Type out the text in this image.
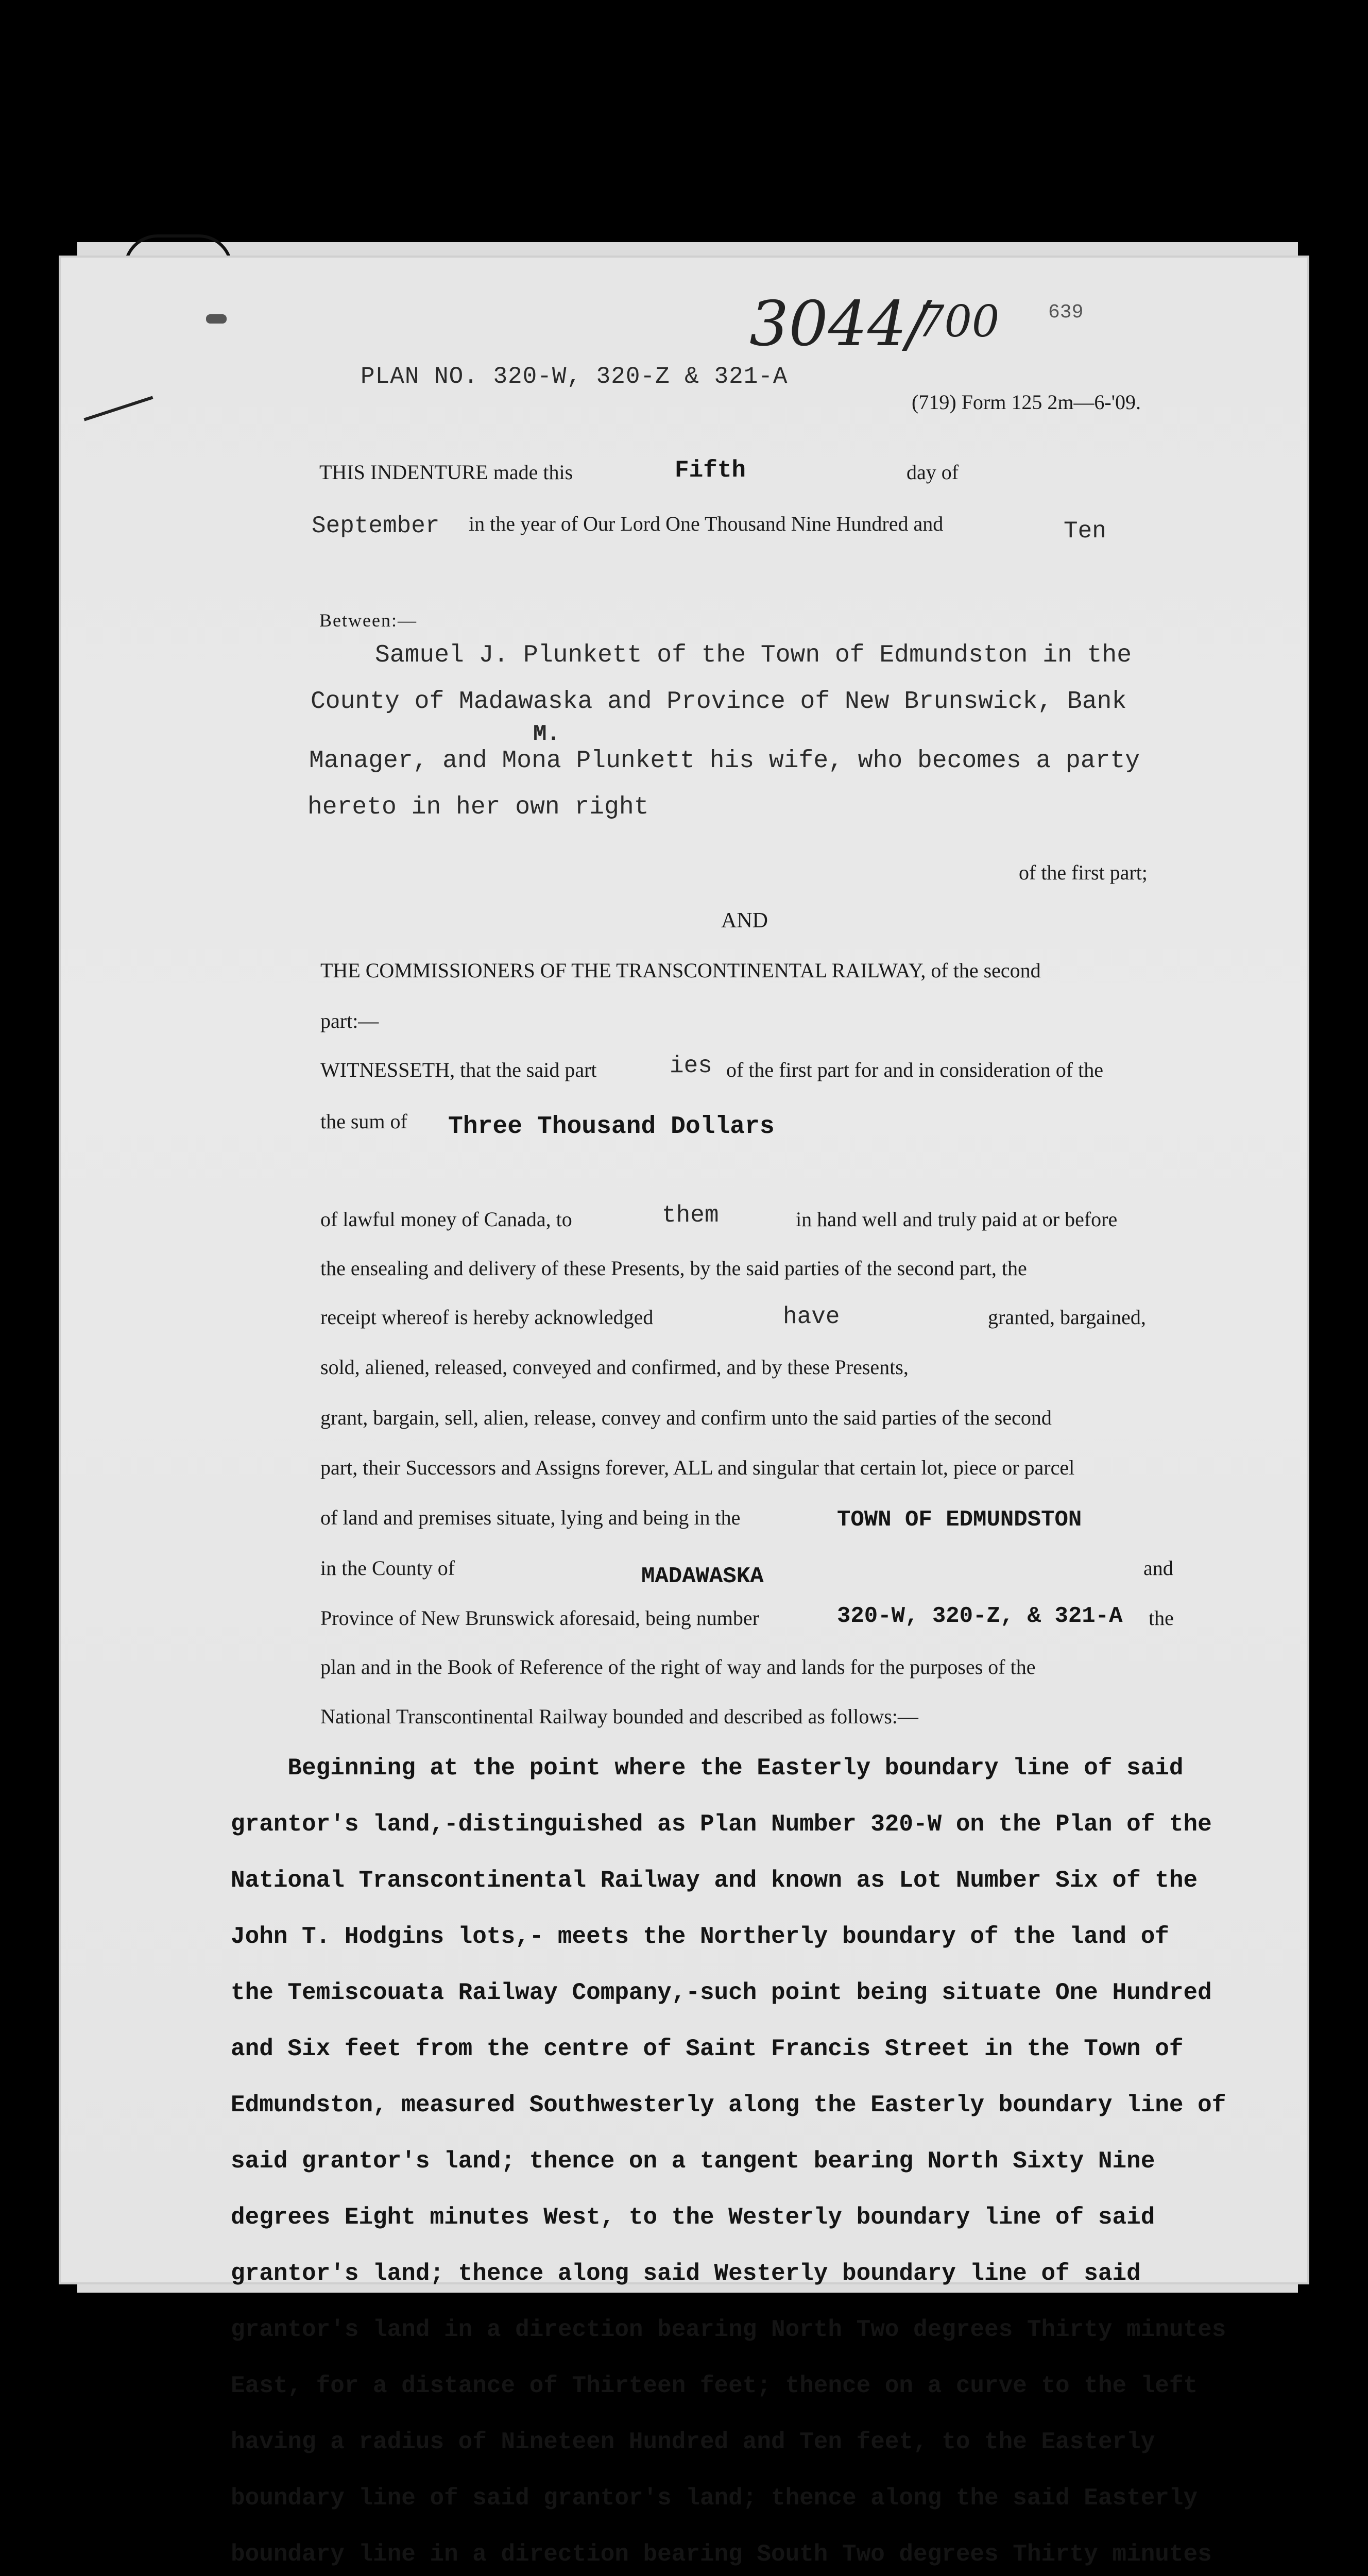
PLAN NO. 320-W, 320-Z & 321-A
3044/
700 639
(719) Form 125 2m—6-'09.
THIS INDENTURE made this	Fifth	day of
September in the year of Our Lord One Thousand Nine Hundred and	Ten
Between:—
Samuel J. Plunkett of the Town of Edmundston in the
County of Madawaska and Province of New Brunswick, Bank
M.
Manager, and Mona Plunkett his wife, who becomes a party
hereto in her own right
of the first part;
AND
THE COMMISSIONERS OF THE TRANSCONTINENTAL RAILWAY, of the second
part:—
WITNESSETH, that the said part	ies of the first part for and in consideration of the
the sum of Three Thousand Dollars
of lawful money of Canada, to	them	in hand well and truly paid at or before
the ensealing and delivery of these Presents, by the said parties of the second part, the
receipt whereof is hereby acknowledged	have	granted, bargained,
sold, aliened, released, conveyed and confirmed, and by these Presents,
grant, bargain, sell, alien, release, convey and confirm unto the said parties of the second
part, their Successors and Assigns forever, ALL and singular that certain lot, piece or parcel
of land and premises situate, lying and being in the	TOWN OF EDMUNDSTON
in the County of	MADAWASKA	and
Province of New Brunswick aforesaid, being number	320-W, 320-Z, & 321-A the
plan and in the Book of Reference of the right of way and lands for the purposes of the
National Transcontinental Railway bounded and described as follows:—

Beginning at the point where the Easterly boundary line of said

grantor's land,-distinguished as Plan Number 320-W on the Plan of the

National Transcontinental Railway and known as Lot Number Six of the

John T. Hodgins lots,- meets the Northerly boundary of the land of

the Temiscouata Railway Company,-such point being situate One Hundred

and Six feet from the centre of Saint Francis Street in the Town of

Edmundston, measured Southwesterly along the Easterly boundary line of

said grantor's land; thence on a tangent bearing North Sixty Nine

degrees Eight minutes West, to the Westerly boundary line of said

grantor's land; thence along said Westerly boundary line of said

grantor's land in a direction bearing North Two degrees Thirty minutes

East, for a distance of Thirteen feet; thence on a curve to the left

having a radius of Nineteen Hundred and Ten feet, to the Easterly

boundary line of said grantor's land; thence along the said Easterly

boundary line in a direction bearing South Two degrees Thirty minutes
